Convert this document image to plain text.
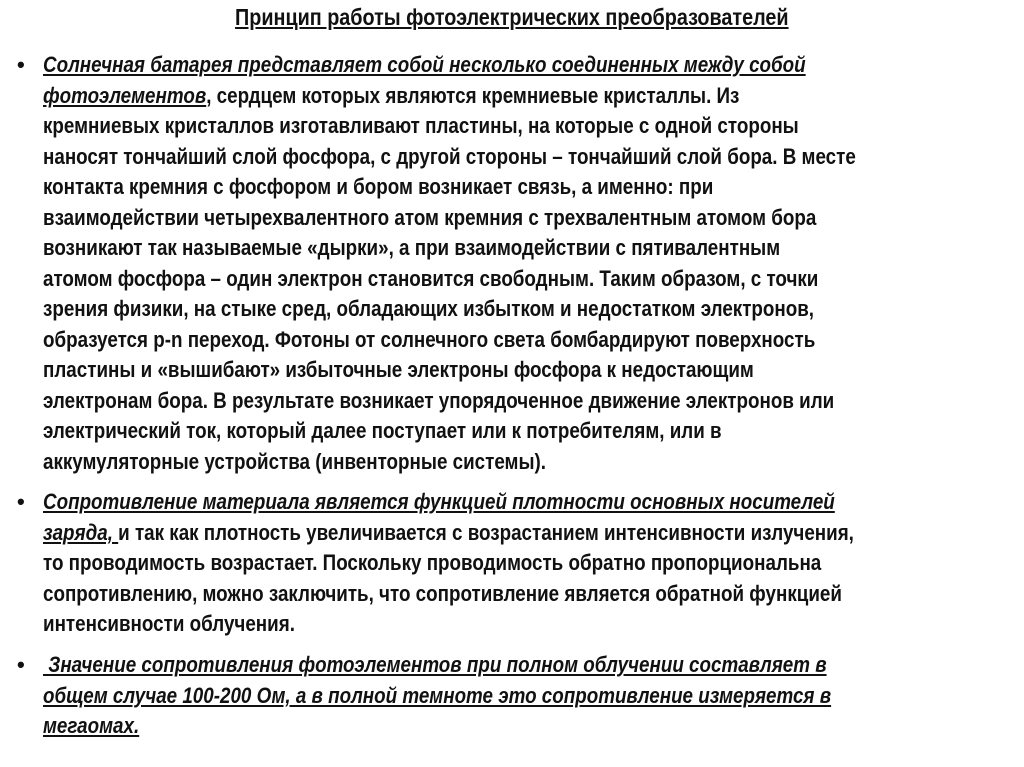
Принцип работы фотоэлектрических преобразователей
• Солнечная батарея представляет собой несколько соединенных между собой
фотоэлементов, сердцем которых являются кремниевые кристаллы. Из
кремниевых кристаллов изготавливают пластины, на которые с одной стороны
наносят тончайший слой фосфора, с другой стороны – тончайший слой бора. В месте
контакта кремния с фосфором и бором возникает связь, а именно: при
взаимодействии четырехвалентного атом кремния с трехвалентным атомом бора
возникают так называемые «дырки», а при взаимодействии с пятивалентным
атомом фосфора – один электрон становится свободным. Таким образом, с точки
зрения физики, на стыке сред, обладающих избытком и недостатком электронов,
образуется p-n переход. Фотоны от солнечного света бомбардируют поверхность
пластины и «вышибают» избыточные электроны фосфора к недостающим
электронам бора. В результате возникает упорядоченное движение электронов или
электрический ток, который далее поступает или к потребителям, или в
аккумуляторные устройства (инвенторные системы).
• Сопротивление материала является функцией плотности основных носителей
заряда, и так как плотность увеличивается с возрастанием интенсивности излучения,
то проводимость возрастает. Поскольку проводимость обратно пропорциональна
сопротивлению, можно заключить, что сопротивление является обратной функцией
интенсивности облучения.
• Значение сопротивления фотоэлементов при полном облучении составляет в
общем случае 100-200 Ом, а в полной темноте это сопротивление измеряется в
мегаомах.
